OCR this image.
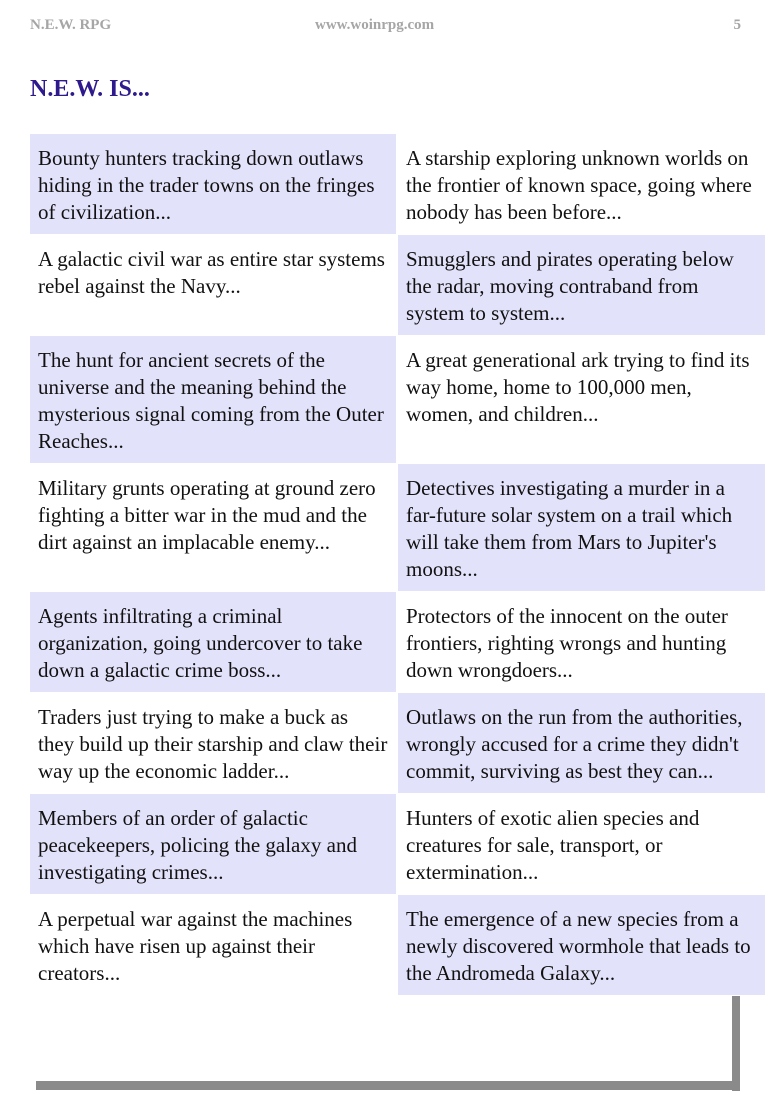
N.E.W. RPG	www.woinrpg.com	5
N.E.W. IS...
Bounty hunters tracking down outlaws hiding in the trader towns on the fringes of civilization...	A starship exploring unknown worlds on the frontier of known space, going where nobody has been before...
A galactic civil war as entire star systems rebel against the Navy...	Smugglers and pirates operating below the radar, moving contraband from system to system...
The hunt for ancient secrets of the universe and the meaning behind the mysterious signal coming from the Outer Reaches...	A great generational ark trying to find its way home, home to 100,000 men, women, and children...
Military grunts operating at ground zero fighting a bitter war in the mud and the dirt against an implacable enemy...	Detectives investigating a murder in a far-future solar system on a trail which will take them from Mars to Jupiter's moons...
Agents infiltrating a criminal organization, going undercover to take down a galactic crime boss...	Protectors of the innocent on the outer frontiers, righting wrongs and hunting down wrongdoers...
Traders just trying to make a buck as they build up their starship and claw their way up the economic ladder...	Outlaws on the run from the authorities, wrongly accused for a crime they didn't commit, surviving as best they can...
Members of an order of galactic peacekeepers, policing the galaxy and investigating crimes...	Hunters of exotic alien species and creatures for sale, transport, or extermination...
A perpetual war against the machines which have risen up against their creators...	The emergence of a new species from a newly discovered wormhole that leads to the Andromeda Galaxy...
